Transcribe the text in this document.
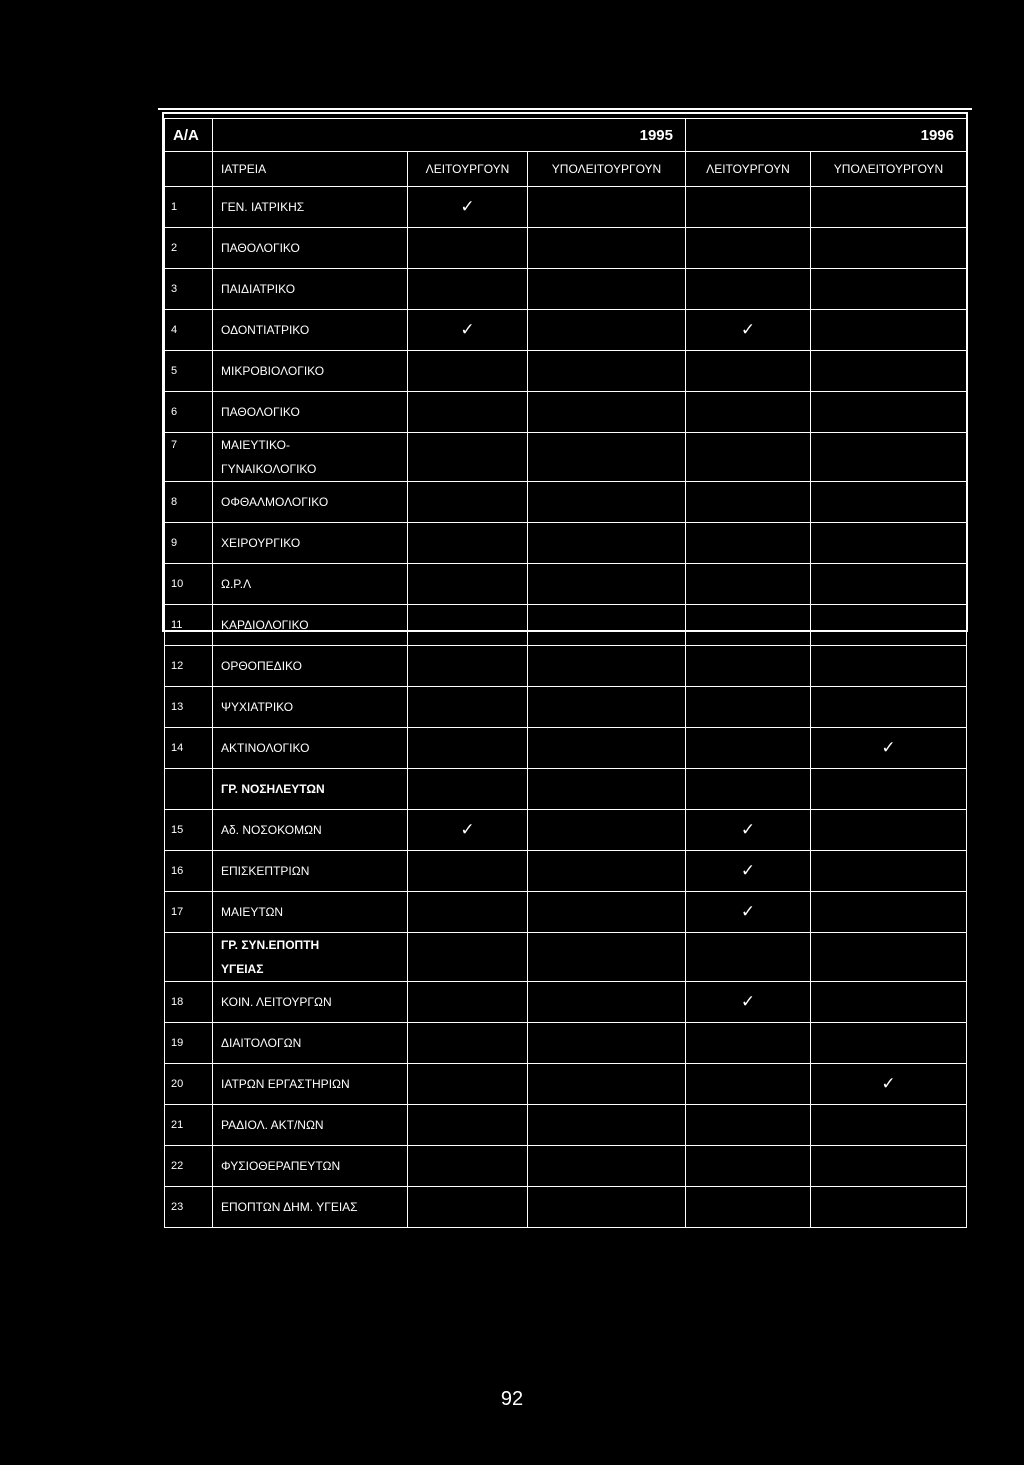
Α/Α	1995			1996	
	ΙΑΤΡΕΙΑ	ΛΕΙΤΟΥΡΓΟΥΝ	ΥΠΟΛΕΙΤΟΥΡΓΟΥΝ	ΛΕΙΤΟΥΡΓΟΥΝ	ΥΠΟΛΕΙΤΟΥΡΓΟΥΝ
1	ΓΕΝ. ΙΑΤΡΙΚΗΣ	✓			
2	ΠΑΘΟΛΟΓΙΚΟ				
3	ΠΑΙΔΙΑΤΡΙΚΟ				
4	ΟΔΟΝΤΙΑΤΡΙΚΟ	✓		✓	
5	ΜΙΚΡΟΒΙΟΛΟΓΙΚΟ				
6	ΠΑΘΟΛΟΓΙΚΟ				
7	ΜΑΙΕΥΤΙΚΟ-				
	ΓΥΝΑΙΚΟΛΟΓΙΚΟ				
8	ΟΦΘΑΛΜΟΛΟΓΙΚΟ				
9	ΧΕΙΡΟΥΡΓΙΚΟ				
10	Ω.Ρ.Λ				
11	ΚΑΡΔΙΟΛΟΓΙΚΟ				
12	ΟΡΘΟΠΕΔΙΚΟ				
13	ΨΥΧΙΑΤΡΙΚΟ				
14	ΑΚΤΙΝΟΛΟΓΙΚΟ				✓
	ΓΡ. ΝΟΣΗΛΕΥΤΩΝ				
15	Αδ. ΝΟΣΟΚΟΜΩΝ	✓		✓	
16	ΕΠΙΣΚΕΠΤΡΙΩΝ			✓	
17	ΜΑΙΕΥΤΩΝ			✓	
	ΓΡ. ΣΥΝ.ΕΠΟΠΤΗ				
	ΥΓΕΙΑΣ				
18	ΚΟΙΝ. ΛΕΙΤΟΥΡΓΩΝ			✓	
19	ΔΙΑΙΤΟΛΟΓΩΝ				
20	ΙΑΤΡΩΝ ΕΡΓΑΣΤΗΡΙΩΝ				✓
21	ΡΑΔΙΟΛ. ΑΚΤ/ΝΩΝ				
22	ΦΥΣΙΟΘΕΡΑΠΕΥΤΩΝ				
23	ΕΠΟΠΤΩΝ ΔΗΜ. ΥΓΕΙΑΣ				
92
